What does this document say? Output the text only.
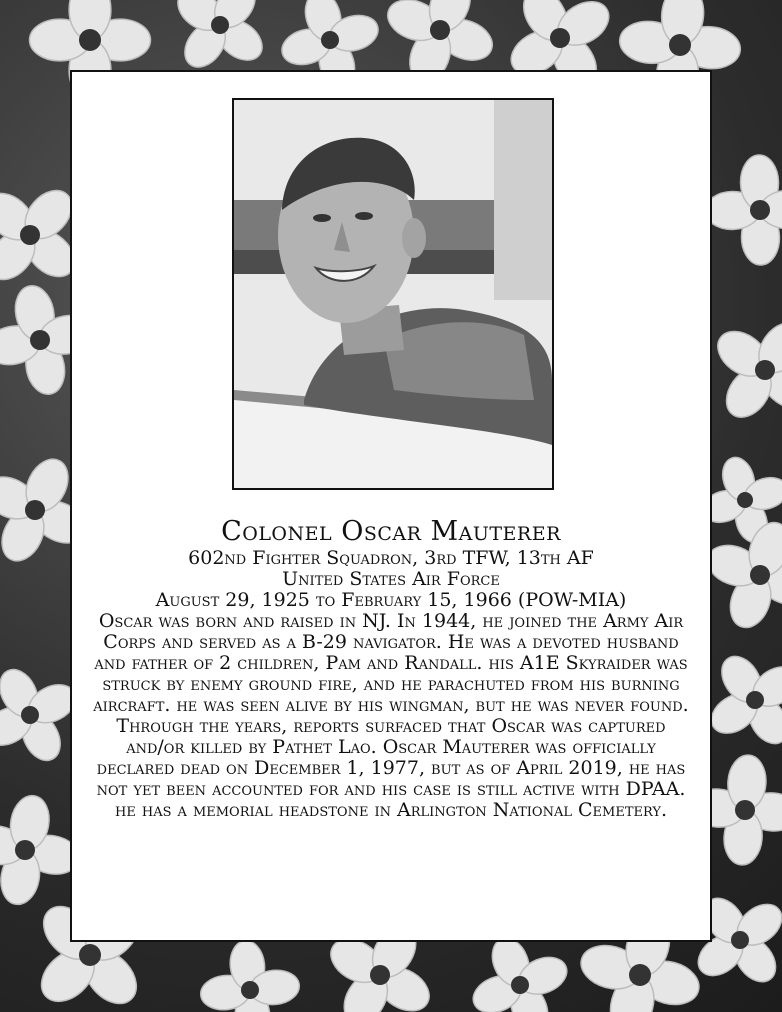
Colonel Oscar Mauterer
602nd Fighter Squadron, 3rd TFW, 13th AF
United States Air Force
August 29, 1925 to February 15, 1966 (POW-MIA)
Oscar was born and raised in NJ. In 1944, he joined the Army Air Corps and served as a B-29 navigator. He was a devoted husband and father of 2 children, Pam and Randall. his A1E Skyraider was struck by enemy ground fire, and he parachuted from his burning aircraft. he was seen alive by his wingman, but he was never found. Through the years, reports surfaced that Oscar was captured and/or killed by Pathet Lao. Oscar Mauterer was officially declared dead on December 1, 1977, but as of April 2019, he has not yet been accounted for and his case is still active with DPAA. he has a memorial headstone in Arlington National Cemetery.
